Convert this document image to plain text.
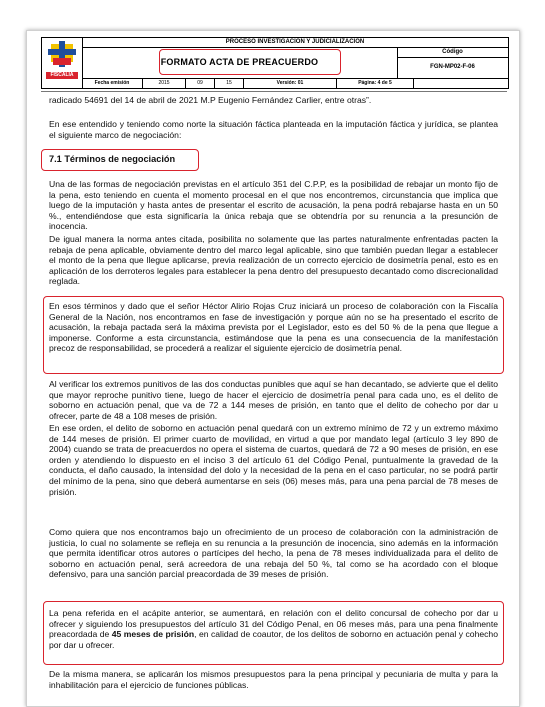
FISCALÍA
PROCESO INVESTIGACIÓN Y JUDICIALIZACIÓN
FORMATO ACTA DE PREACUERDO
Código
FGN-MP02-F-06
Fecha emisión	2015	09	15	Versión: 01	Página: 4 de 5
radicado 54691 del 14 de abril de 2021 M.P Eugenio Fernández Carlier, entre otras”.
En ese entendido y teniendo como norte la situación fáctica planteada en la imputación fáctica y jurídica, se plantea el siguiente marco de negociación:
7.1 Términos de negociación
Una de las formas de negociación previstas en el artículo 351 del C.P.P, es la posibilidad de rebajar un monto fijo de la pena, esto teniendo en cuenta el momento procesal en el que nos encontremos, circunstancia que implica que luego de la imputación y hasta antes de presentar el escrito de acusación, la pena podrá rebajarse hasta en un 50 %., entendiéndose que esta significaría la única rebaja que se obtendría por su renuncia a la presunción de inocencia.
De igual manera la norma antes citada, posibilita no solamente que las partes naturalmente enfrentadas pacten la rebaja de pena aplicable, obviamente dentro del marco legal aplicable, sino que también puedan llegar a establecer el monto de la pena que llegue aplicarse, previa realización de un correcto ejercicio de dosimetría penal, esto es en aplicación de los derroteros legales para establecer la pena dentro del presupuesto decantado como discrecionalidad reglada.
En esos términos y dado que el señor Héctor Alirio Rojas Cruz iniciará un proceso de colaboración con la Fiscalía General de la Nación, nos encontramos en fase de investigación y porque aún no se ha presentado el escrito de acusación, la rebaja pactada será la máxima prevista por el Legislador, esto es del 50 % de la pena que llegue a imponerse. Conforme a esta circunstancia, estimándose que la pena es una consecuencia de la manifestación precoz de responsabilidad, se procederá a realizar el siguiente ejercicio de dosimetría penal.
Al verificar los extremos punitivos de las dos conductas punibles que aquí se han decantado, se advierte que el delito que mayor reproche punitivo tiene, luego de hacer el ejercicio de dosimetría penal para cada uno, es el delito de soborno en actuación penal, que va de 72 a 144 meses de prisión, en tanto que el delito de cohecho por dar u ofrecer, parte de 48 a 108 meses de prisión.
En ese orden, el delito de soborno en actuación penal quedará con un extremo mínimo de 72 y un extremo máximo de 144 meses de prisión. El primer cuarto de movilidad, en virtud a que por mandato legal (artículo 3 ley 890 de 2004) cuando se trata de preacuerdos no opera el sistema de cuartos, quedará de 72 a 90 meses de prisión, en ese orden y atendiendo lo dispuesto en el inciso 3 del artículo 61 del Código Penal, puntualmente la gravedad de la conducta, el daño causado, la intensidad del dolo y la necesidad de la pena en el caso particular, no se podrá partir del mínimo de la pena, sino que deberá aumentarse en seis (06) meses más, para una pena parcial de 78 meses de prisión.
Como quiera que nos encontramos bajo un ofrecimiento de un proceso de colaboración con la administración de justicia, lo cual no solamente se refleja en su renuncia a la presunción de inocencia, sino además en la información que permita identificar otros autores o partícipes del hecho, la pena de 78 meses individualizada para el delito de soborno en actuación penal, será acreedora de una rebaja del 50 %, tal como se ha acordado con el bloque defensivo, para una sanción parcial preacordada de 39 meses de prisión.
La pena referida en el acápite anterior, se aumentará, en relación con el delito concursal de cohecho por dar u ofrecer y siguiendo los presupuestos del artículo 31 del Código Penal, en 06 meses más, para una pena finalmente preacordada de 45 meses de prisión, en calidad de coautor, de los delitos de soborno en actuación penal y cohecho por dar u ofrecer.
De la misma manera, se aplicarán los mismos presupuestos para la pena principal y pecuniaria de multa y para la inhabilitación para el ejercicio de funciones públicas.
